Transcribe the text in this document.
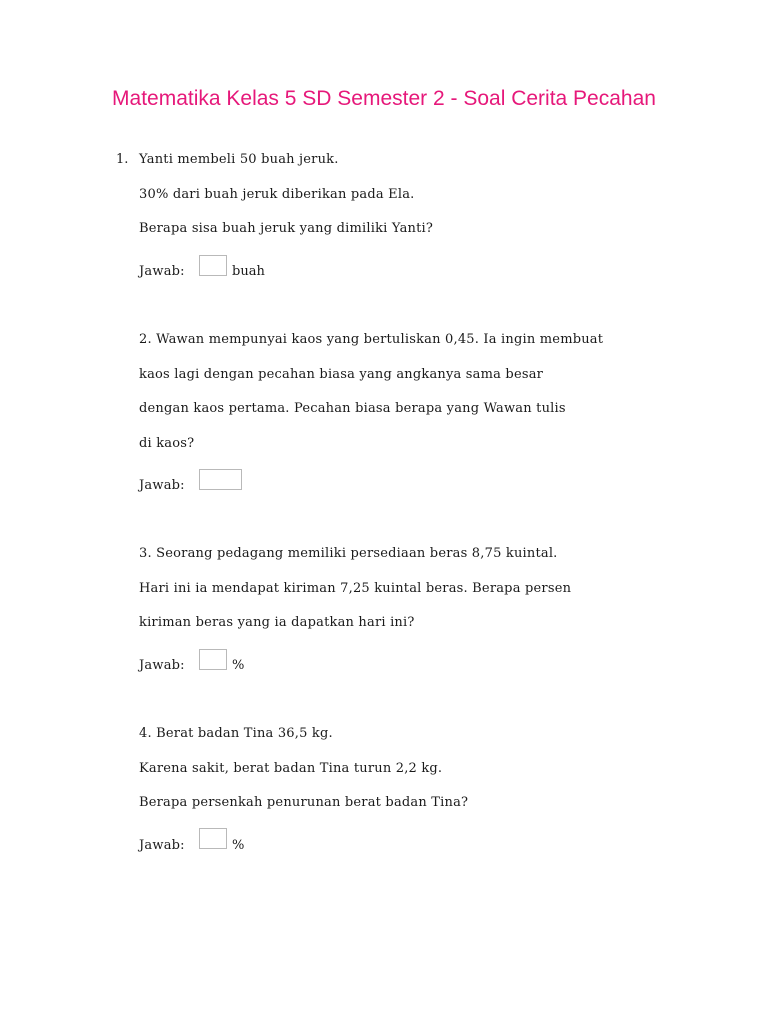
Matematika Kelas 5 SD Semester 2 - Soal Cerita Pecahan
1. Yanti membeli 50 buah jeruk.
30% dari buah jeruk diberikan pada Ela.
Berapa sisa buah jeruk yang dimiliki Yanti?
Jawab:	buah
2. Wawan mempunyai kaos yang bertuliskan 0,45. Ia ingin membuat
kaos lagi dengan pecahan biasa yang angkanya sama besar
dengan kaos pertama. Pecahan biasa berapa yang Wawan tulis
di kaos?
Jawab:
3. Seorang pedagang memiliki persediaan beras 8,75 kuintal.
Hari ini ia mendapat kiriman 7,25 kuintal beras. Berapa persen
kiriman beras yang ia dapatkan hari ini?
Jawab:	%
4. Berat badan Tina 36,5 kg.
Karena sakit, berat badan Tina turun 2,2 kg.
Berapa persenkah penurunan berat badan Tina?
Jawab:	%
